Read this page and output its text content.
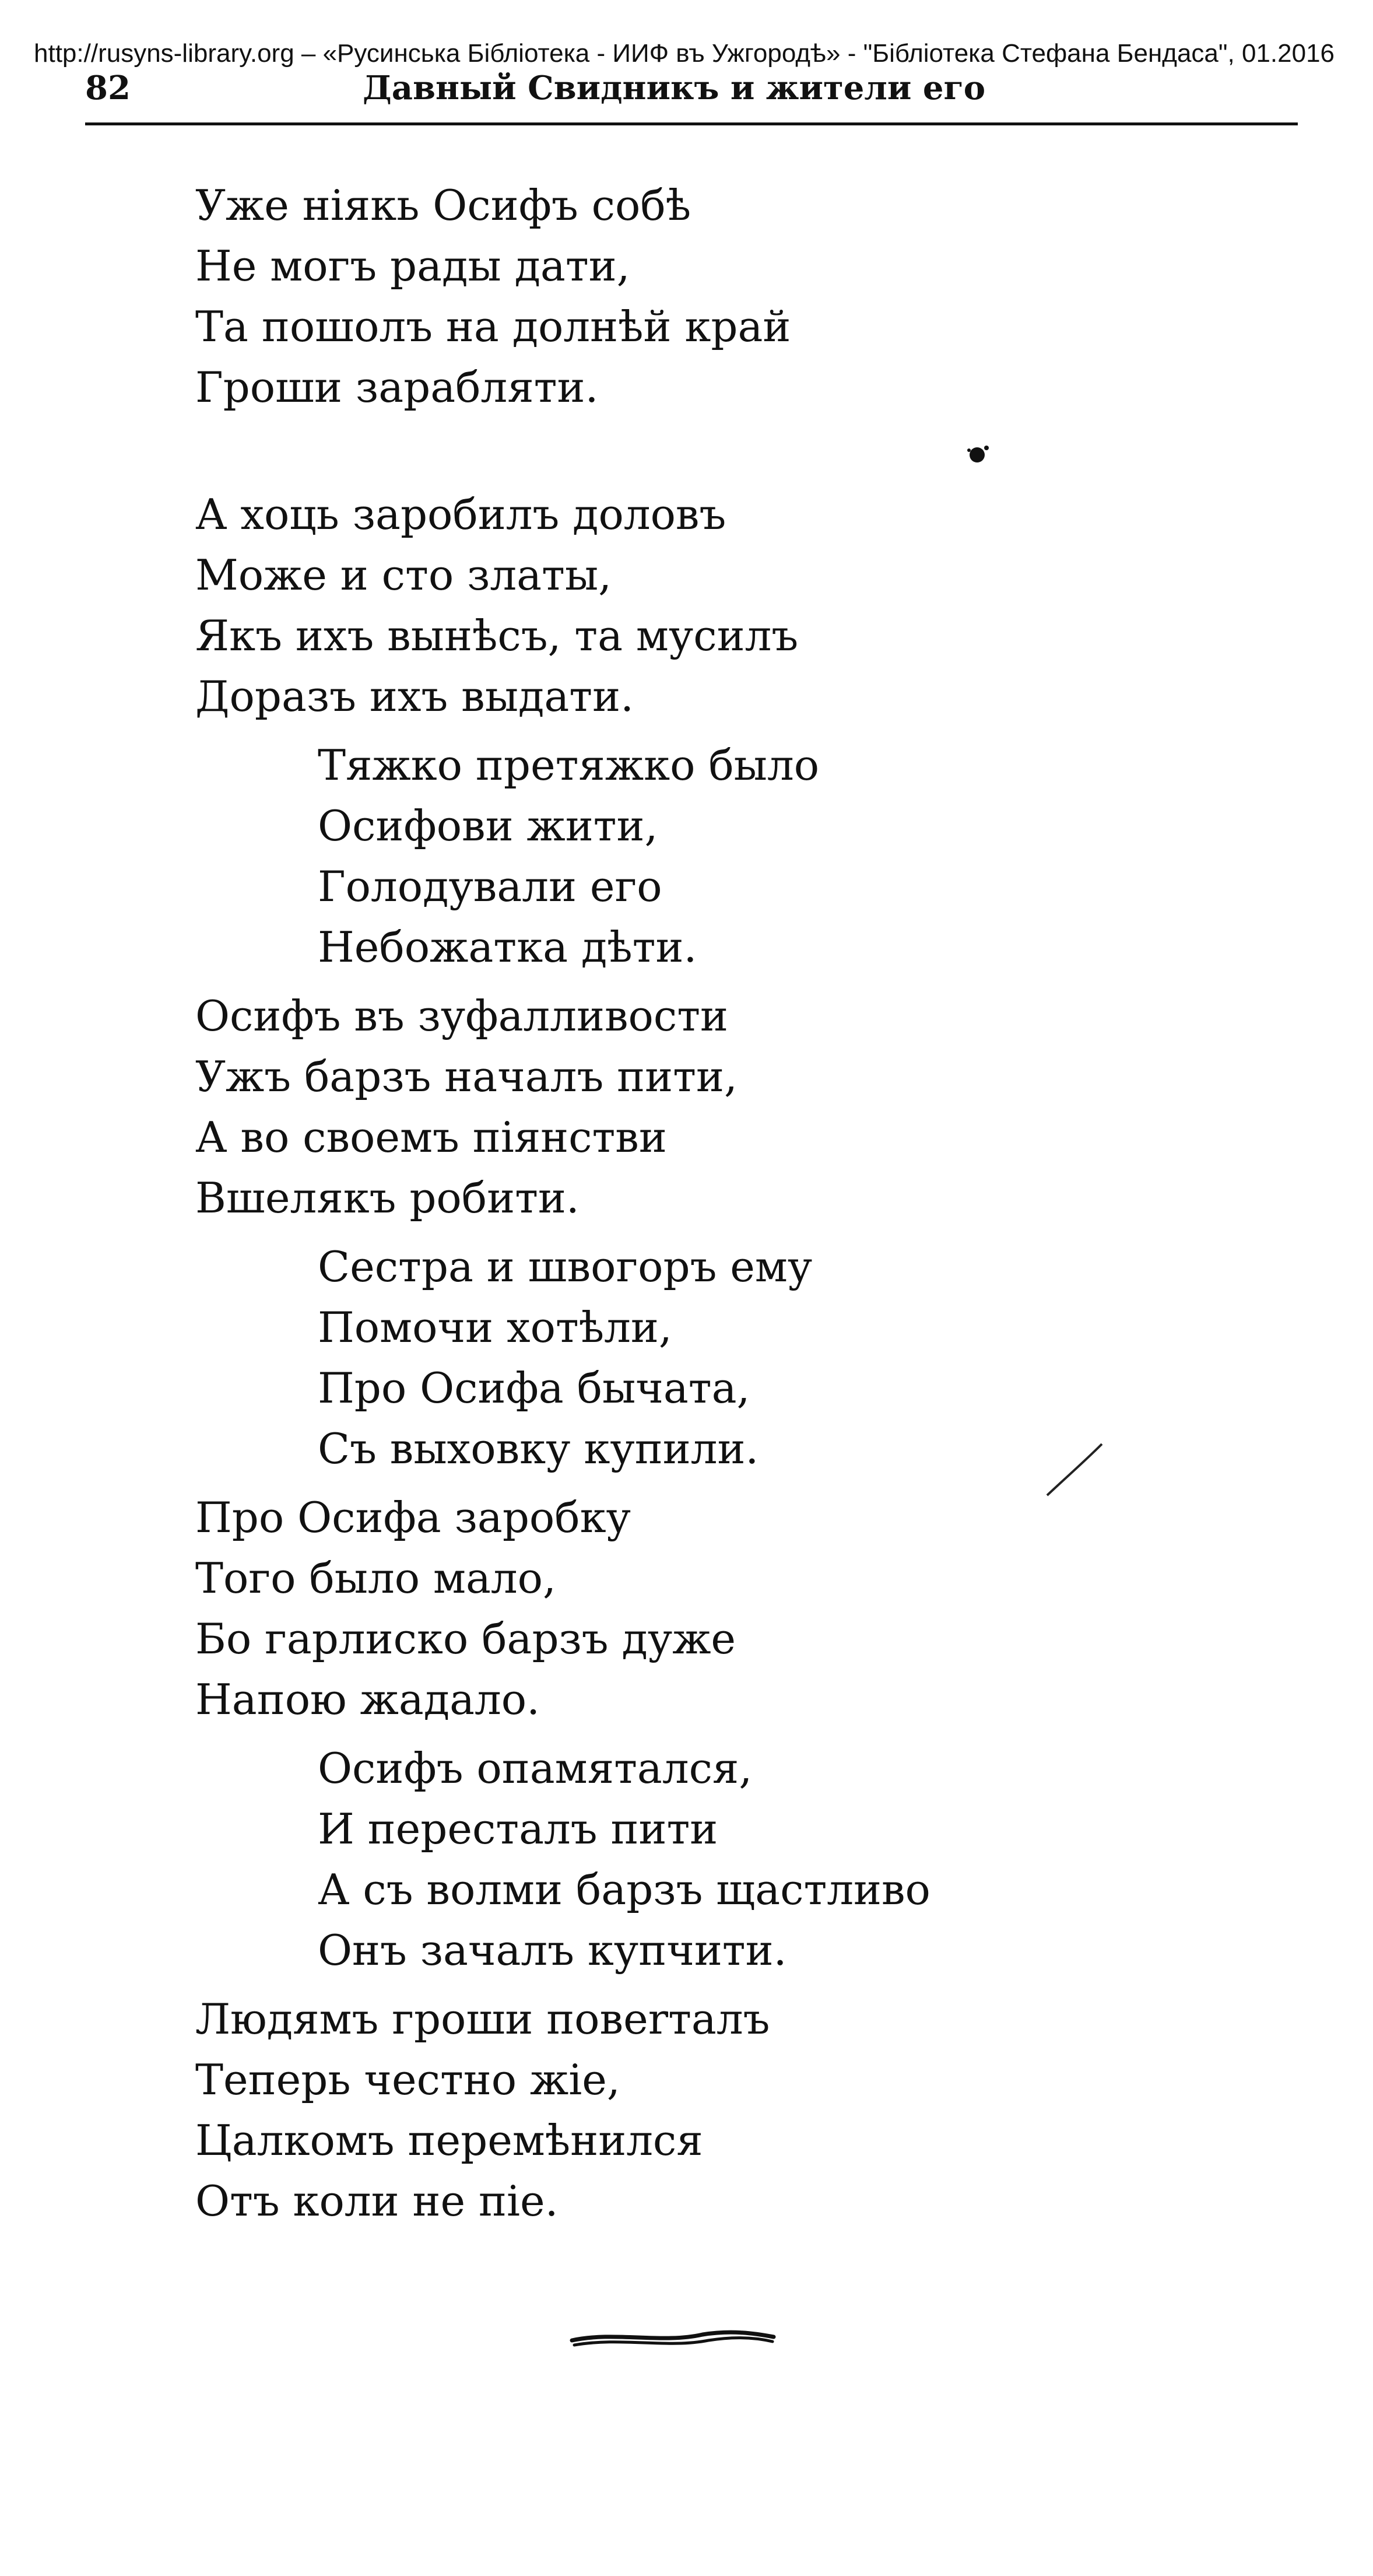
http://rusyns-library.org – «Русинська Бібліотека - ИИФ въ Ужгородѣ» - "Бібліотека Стефана Бендаса", 01.2016
82	Давный Свидникъ и жители его
Уже ніякь Осифъ собѣ
Не могъ рады дати,
Та пошолъ на долнѣй край
Гроши зарабляти.
А хоць заробилъ доловъ
Може и сто златы,
Якъ ихъ вынѣсъ, та мусилъ
Доразъ ихъ выдати.
Тяжко претяжко было
Осифови жити,
Голодували его
Небожатка дѣти.
Осифъ въ зуфалливости
Ужъ барзъ началъ пити,
А во своемъ піянстви
Вшелякъ робити.
Сестра и швогоръ ему
Помочи хотѣли,
Про Осифа бычата,
Съ выховку купили.
Про Осифа заробку
Того было мало,
Бо гарлиско барзъ дуже
Напою жадало.
Осифъ опамятался,
И пересталъ пити
А съ волми барзъ щастливо
Онъ зачалъ купчити.
Людямъ гроши повerталъ
Теперь честно жіе,
Цалкомъ перемѣнился
Отъ коли не піе.
